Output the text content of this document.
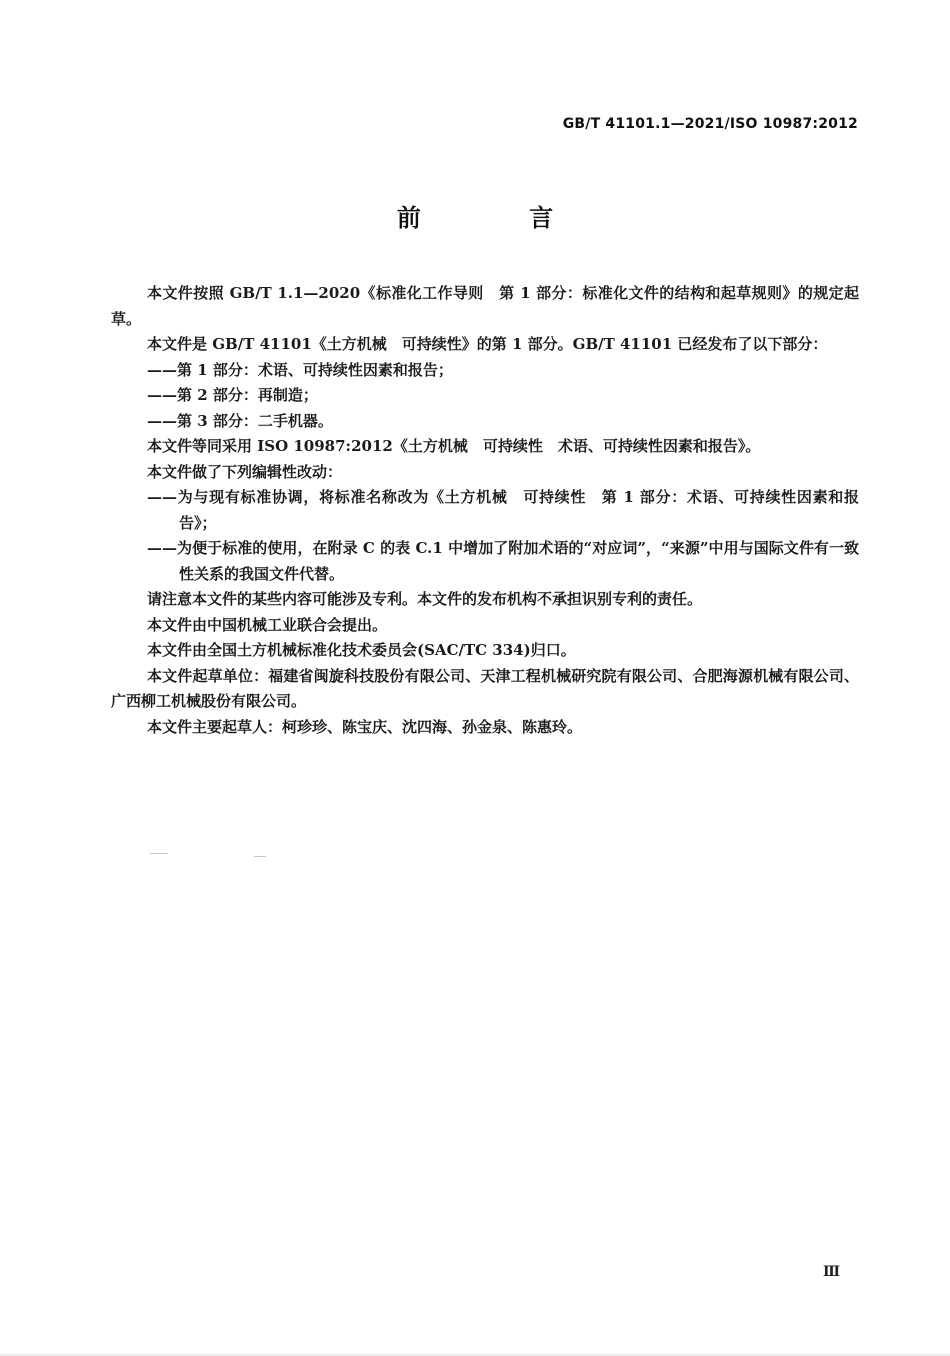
GB/T 41101.1—2021/ISO 10987:2012
前 言

本文件按照 GB/T 1.1—2020《标准化工作导则　第 1 部分：标准化文件的结构和起草规则》的规定起草。

本文件是 GB/T 41101《土方机械　可持续性》的第 1 部分。GB/T 41101 已经发布了以下部分：

——第 1 部分：术语、可持续性因素和报告；

——第 2 部分：再制造；

——第 3 部分：二手机器。

本文件等同采用 ISO 10987:2012《土方机械　可持续性　术语、可持续性因素和报告》。

本文件做了下列编辑性改动：

——为与现有标准协调，将标准名称改为《土方机械　可持续性　第 1 部分：术语、可持续性因素和报告》；

——为便于标准的使用，在附录 C 的表 C.1 中增加了附加术语的“对应词”，“来源”中用与国际文件有一致性关系的我国文件代替。

请注意本文件的某些内容可能涉及专利。本文件的发布机构不承担识别专利的责任。

本文件由中国机械工业联合会提出。

本文件由全国土方机械标准化技术委员会(SAC/TC 334)归口。

本文件起草单位：福建省闽旋科技股份有限公司、天津工程机械研究院有限公司、合肥海源机械有限公司、广西柳工机械股份有限公司。

本文件主要起草人：柯珍珍、陈宝庆、沈四海、孙金泉、陈惠玲。

Ⅲ
